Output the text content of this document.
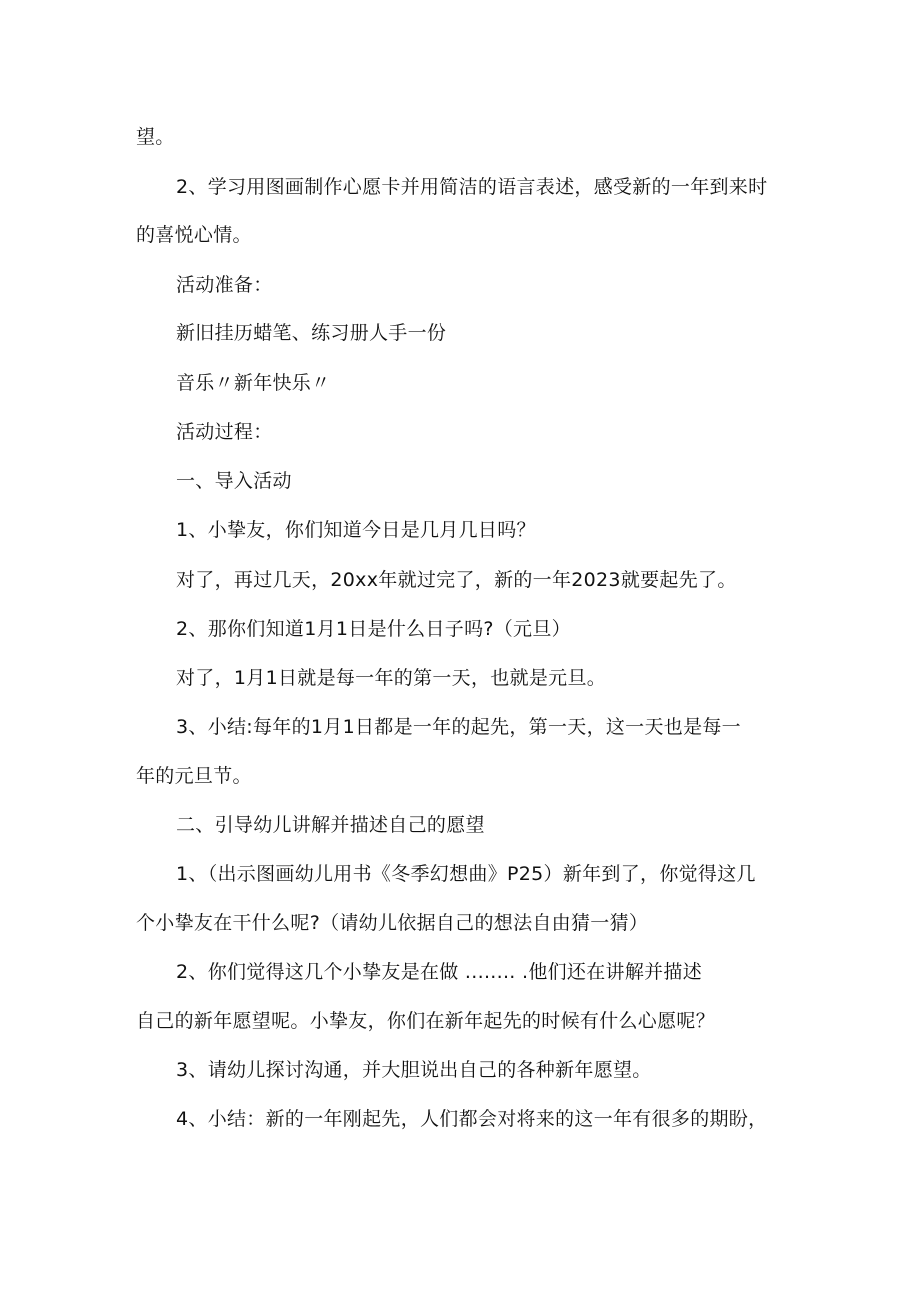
望。
2、学习用图画制作心愿卡并用简洁的语言表述，感受新的一年到来时
的喜悦心情。
活动准备：
新旧挂历蜡笔、练习册人手一份
音乐〃新年快乐〃
活动过程：
一、导入活动
1、小挚友，你们知道今日是几月几日吗？
对了，再过几天，20xx年就过完了，新的一年2023就要起先了。
2、那你们知道1月1日是什么日子吗?（元旦）
对了，1月1日就是每一年的第一天，也就是元旦。
3、小结:每年的1月1日都是一年的起先，第一天，这一天也是每一
年的元旦节。
二、引导幼儿讲解并描述自己的愿望
1、（出示图画幼儿用书《冬季幻想曲》P25）新年到了，你觉得这几
个小挚友在干什么呢?（请幼儿依据自己的想法自由猜一猜）
2、你们觉得这几个小挚友是在做 ........ .他们还在讲解并描述
自己的新年愿望呢。小挚友，你们在新年起先的时候有什么心愿呢？
3、请幼儿探讨沟通，并大胆说出自己的各种新年愿望。
4、小结：新的一年刚起先，人们都会对将来的这一年有很多的期盼，
